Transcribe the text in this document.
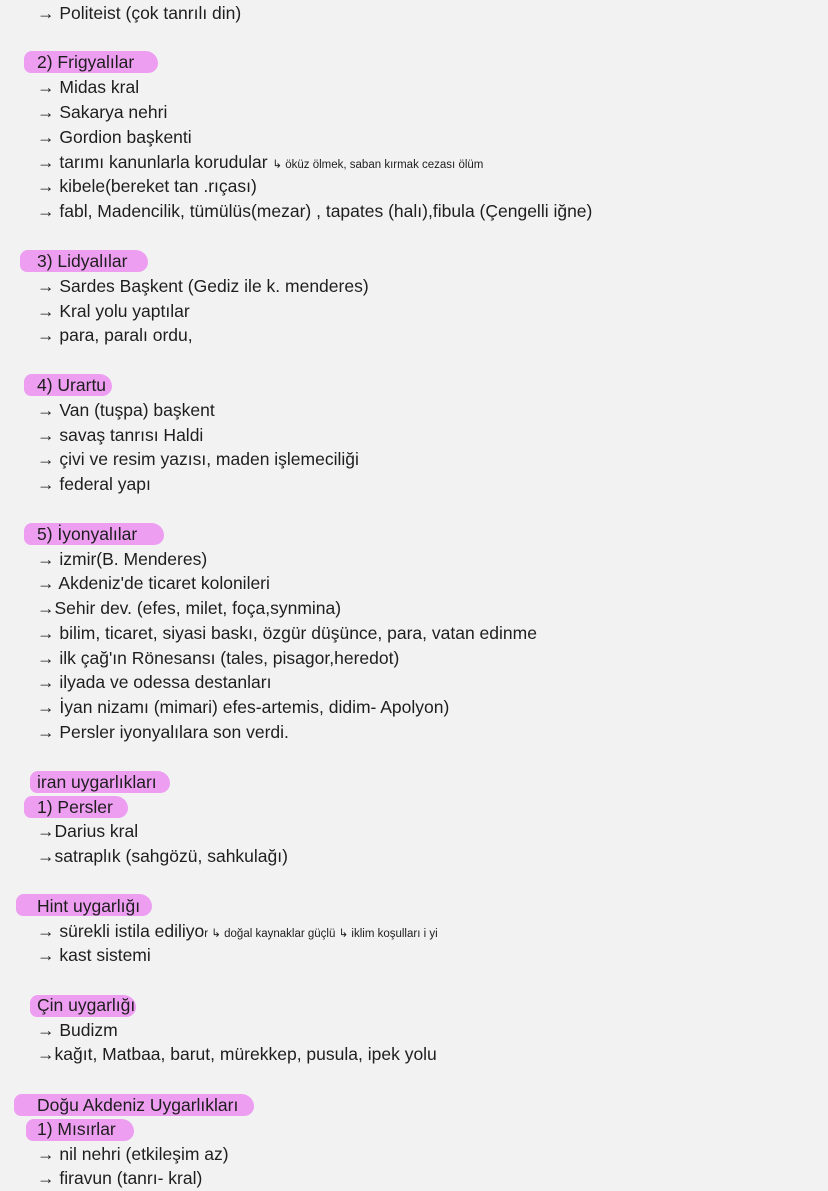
→ Politeist (çok tanrılı din)
2) Frigyalılar
→ Midas kral
→ Sakarya nehri
→ Gordion başkenti
→ tarımı kanunlarla korudular ↳ öküz ölmek, saban kırmak cezası ölüm
→ kibele(bereket tan .rıçası)
→ fabl, Madencilik, tümülüs(mezar) , tapates (halı),fibula (Çengelli iğne)
3) Lidyalılar
→ Sardes Başkent (Gediz ile k. menderes)
→ Kral yolu yaptılar
→ para, paralı ordu,
4) Urartu
→ Van (tuşpa) başkent
→ savaş tanrısı Haldi
→ çivi ve resim yazısı, maden işlemeciliği
→ federal yapı
5) İyonyalılar
→ izmir(B. Menderes)
→ Akdeniz'de ticaret kolonileri
→Sehir dev. (efes, milet, foça,synmina)
→ bilim, ticaret, siyasi baskı, özgür düşünce, para, vatan edinme
→ ilk çağ'ın Rönesansı (tales, pisagor,heredot)
→ ilyada ve odessa destanları
→ İyan nizamı (mimari) efes-artemis, didim- Apolyon)
→ Persler iyonyalılara son verdi.
iran uygarlıkları
1) Persler
→Darius kral
→satraplık (sahgözü, sahkulağı)
Hint uygarlığı
→ sürekli istila ediliyor ↳ doğal kaynaklar güçlü ↳ iklim koşulları i yi
→ kast sistemi
Çin uygarlığı
→ Budizm
→kağıt, Matbaa, barut, mürekkep, pusula, ipek yolu
Doğu Akdeniz Uygarlıkları
1) Mısırlar
→ nil nehri (etkileşim az)
→ firavun (tanrı- kral)
